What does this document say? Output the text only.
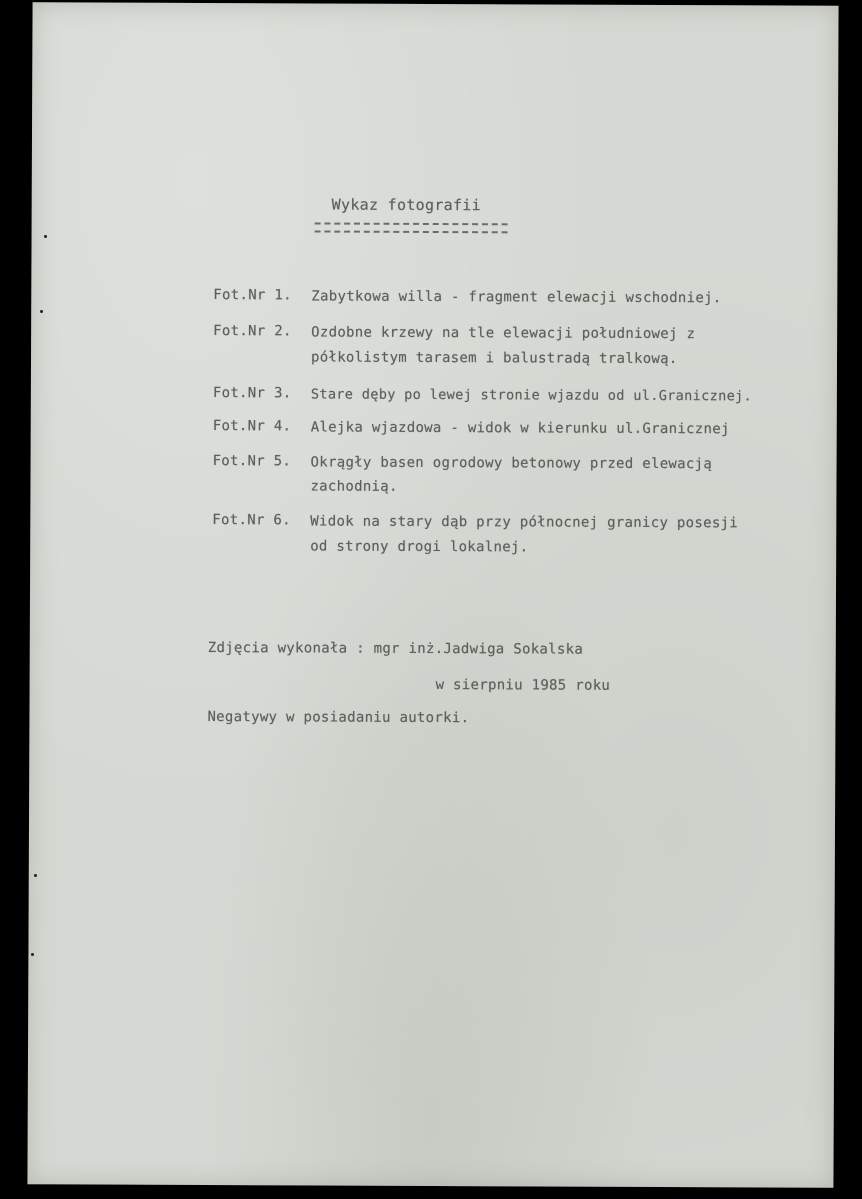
Wykaz fotografii
Fot.Nr 1. Zabytkowa willa - fragment elewacji wschodniej.
Fot.Nr 2. Ozdobne krzewy na tle elewacji południowej z
półkolistym tarasem i balustradą tralkową.
Fot.Nr 3. Stare dęby po lewej stronie wjazdu od ul.Granicznej.
Fot.Nr 4. Alejka wjazdowa - widok w kierunku ul.Granicznej
Fot.Nr 5. Okrągły basen ogrodowy betonowy przed elewacją
zachodnią.
Fot.Nr 6. Widok na stary dąb przy północnej granicy posesji
od strony drogi lokalnej.
Zdjęcia wykonała : mgr inż.Jadwiga Sokalska
w sierpniu 1985 roku
Negatywy w posiadaniu autorki.
